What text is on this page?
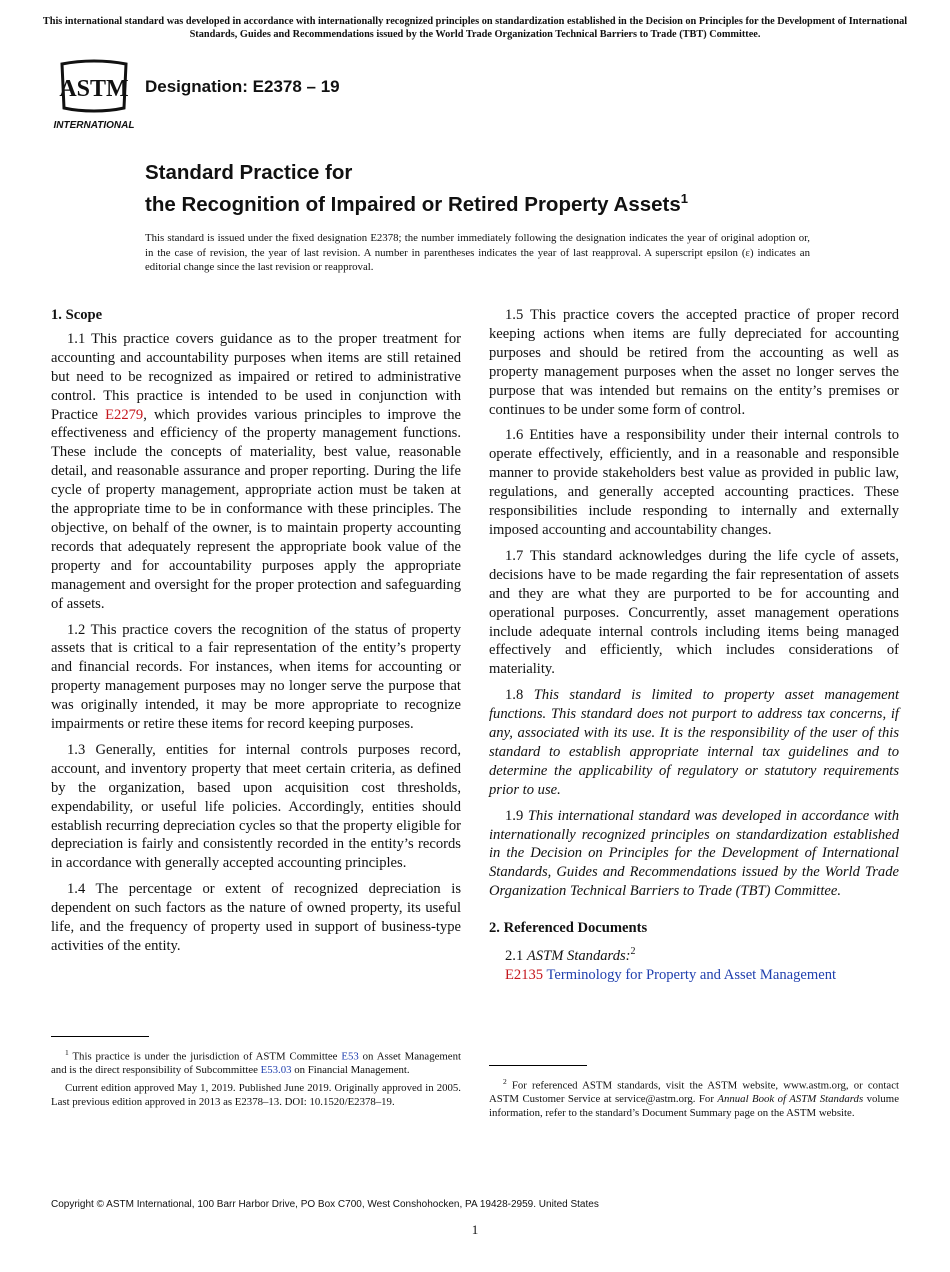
This international standard was developed in accordance with internationally recognized principles on standardization established in the Decision on Principles for the Development of International Standards, Guides and Recommendations issued by the World Trade Organization Technical Barriers to Trade (TBT) Committee.
ASTM
INTERNATIONAL
Designation: E2378 – 19
Standard Practice for
the Recognition of Impaired or Retired Property Assets$^1$
This standard is issued under the fixed designation E2378; the number immediately following the designation indicates the year of original adoption or, in the case of revision, the year of last revision. A number in parentheses indicates the year of last reapproval. A superscript epsilon (ε) indicates an editorial change since the last revision or reapproval.
1. Scope

1.1 This practice covers guidance as to the proper treatment for accounting and accountability purposes when items are still retained but need to be recognized as impaired or retired to administrative control. This practice is intended to be used in conjunction with Practice E2279, which provides various principles to improve the effectiveness and efficiency of the property management functions. These include the concepts of materiality, best value, reasonable detail, and reasonable assurance and proper reporting. During the life cycle of property management, appropriate action must be taken at the appropriate time to be in conformance with these principles. The objective, on behalf of the owner, is to maintain property accounting records that adequately represent the appropriate book value of the property and for accountability purposes apply the appropriate management and oversight for the proper protection and safeguarding of assets.

1.2 This practice covers the recognition of the status of property assets that is critical to a fair representation of the entity’s property and financial records. For instances, when items for accounting or property management purposes may no longer serve the purpose that was originally intended, it may be more appropriate to recognize impairments or retire these items for record keeping purposes.

1.3 Generally, entities for internal controls purposes record, account, and inventory property that meet certain criteria, as defined by the organization, based upon acquisition cost thresholds, expendability, or useful life policies. Accordingly, entities should establish recurring depreciation cycles so that the property eligible for depreciation is fairly and consistently recorded in the entity’s records in accordance with generally accepted accounting principles.

1.4 The percentage or extent of recognized depreciation is dependent on such factors as the nature of owned property, its useful life, and the frequency of property used in support of business-type activities of the entity.

1.5 This practice covers the accepted practice of proper record keeping actions when items are fully depreciated for accounting purposes and should be retired from the accounting as well as property management purposes when the asset no longer serves the purpose that was intended but remains on the entity’s premises or continues to be under some form of control.

1.6 Entities have a responsibility under their internal controls to operate effectively, efficiently, and in a reasonable and responsible manner to provide stakeholders best value as provided in public law, regulations, and generally accepted accounting practices. These responsibilities include responding to internally and externally imposed accounting and accountability changes.

1.7 This standard acknowledges during the life cycle of assets, decisions have to be made regarding the fair representation of assets and they are what they are purported to be for accounting and operational purposes. Concurrently, asset management operations include adequate internal controls including items being managed effectively and efficiently, which includes considerations of materiality.

1.8 This standard is limited to property asset management functions. This standard does not purport to address tax concerns, if any, associated with its use. It is the responsibility of the user of this standard to establish appropriate internal tax guidelines and to determine the applicability of regulatory or statutory requirements prior to use.

1.9 This international standard was developed in accordance with internationally recognized principles on standardization established in the Decision on Principles for the Development of International Standards, Guides and Recommendations issued by the World Trade Organization Technical Barriers to Trade (TBT) Committee.

2. Referenced Documents

2.1 ASTM Standards:$^2$

E2135 Terminology for Property and Asset Management

$^1$ This practice is under the jurisdiction of ASTM Committee E53 on Asset Management and is the direct responsibility of Subcommittee E53.03 on Financial Management.

Current edition approved May 1, 2019. Published June 2019. Originally approved in 2005. Last previous edition approved in 2013 as E2378–13. DOI: 10.1520/E2378–19.

$^2$ For referenced ASTM standards, visit the ASTM website, www.astm.org, or contact ASTM Customer Service at service@astm.org. For Annual Book of ASTM Standards volume information, refer to the standard’s Document Summary page on the ASTM website.

Copyright © ASTM International, 100 Barr Harbor Drive, PO Box C700, West Conshohocken, PA 19428-2959. United States
1
